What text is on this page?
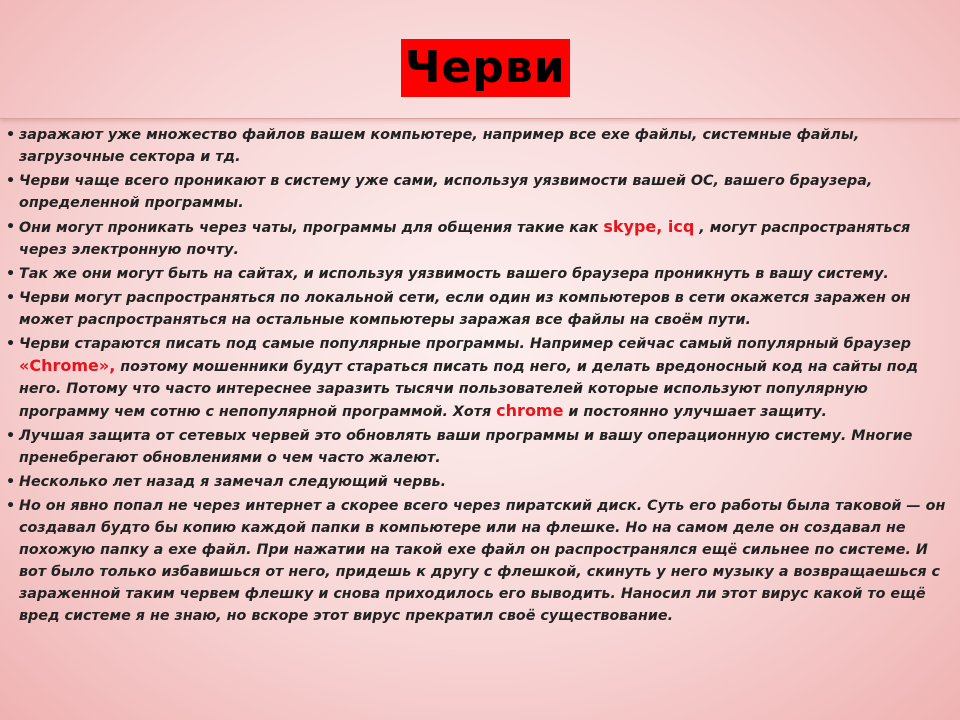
Черви
• заражают уже множество файлов вашем компьютере, например все exe файлы, системные файлы, загрузочные сектора и тд.
• Черви чаще всего проникают в систему уже сами, используя уязвимости вашей ОС, вашего браузера, определенной программы.
• Они могут проникать через чаты, программы для общения такие как skype, icq , могут распространяться через электронную почту.
• Так же они могут быть на сайтах, и используя уязвимость вашего браузера проникнуть в вашу систему.
• Черви могут распространяться по локальной сети, если один из компьютеров в сети окажется заражен он может распространяться на остальные компьютеры заражая все файлы на своём пути.
• Черви стараются писать под самые популярные программы. Например сейчас самый популярный браузер «Chrome», поэтому мошенники будут стараться писать под него, и делать вредоносный код на сайты под него. Потому что часто интереснее заразить тысячи пользователей которые используют популярную программу чем сотню с непопулярной программой. Хотя chrome и постоянно улучшает защиту.
• Лучшая защита от сетевых червей это обновлять ваши программы и вашу операционную систему. Многие пренебрегают обновлениями о чем часто жалеют.
• Несколько лет назад я замечал следующий червь.
• Но он явно попал не через интернет а скорее всего через пиратский диск. Суть его работы была таковой — он создавал будто бы копию каждой папки в компьютере или на флешке. Но на самом деле он создавал не похожую папку а exe файл. При нажатии на такой exe файл он распространялся ещё сильнее по системе. И вот было только избавишься от него, придешь к другу с флешкой, скинуть у него музыку а возвращаешься с зараженной таким червем флешку и снова приходилось его выводить. Наносил ли этот вирус какой то ещё вред системе я не знаю, но вскоре этот вирус прекратил своё существование.
